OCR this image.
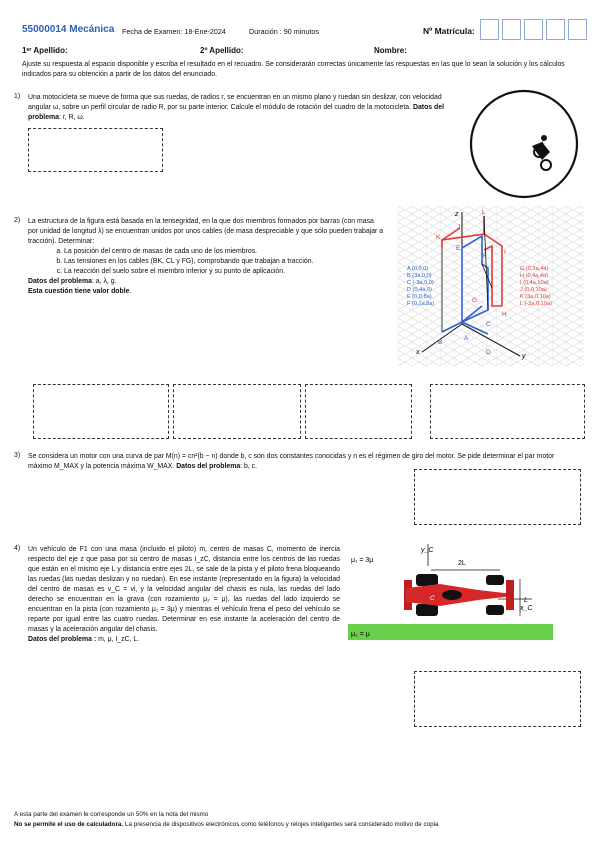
55000014 Mecánica Fecha de Examen: 18-Ene-2024	Duración : 90 minutos	Nº Matrícula:
1ᵉʳ Apellido:	2º Apellido:	Nombre:
Ajuste su respuesta al espacio disponible y escriba el resultado en el recuadro. Se considerarán correctas únicamente las respuestas en las que lo sean la solución y los cálculos indicados para su obtención a partir de los datos del enunciado.
1) Una motocicleta se mueve de forma que sus ruedas, de radios r, se encuentran en un mismo plano y ruedan sin deslizar, con velocidad angular ω, sobre un perfil circular de radio R, por su parte interior. Calcule el módulo de rotación del cuadro de la motocicleta. Datos del problema: r, R, ω.
L
2) La estructura de la figura está basada en la tensegridad, en la que dos miembros formados por barras (con masa por unidad de longitud λ) se encuentran unidos por unos cables (de masa despreciable y que sólo pueden trabajar a tracción). Determinar:
a. La posición del centro de masas de cada uno de los miembros.
b. Las tensiones en los cables (BK, CL y FG), comprobando que trabajan a tracción.
c. La reacción del suelo sobre el miembro inferior y su punto de aplicación.
Datos del problema: a, λ, g.
Esta cuestión tiene valor doble.
z
x
y
K
L
J
I
G
H
E
F
C
A
D
B
A (0,0,0)
B (3a,0,0)
C (-3a,0,0)
D (0,4a,0)
E (0,0,8a)
F (0,2a,8a)
G (0,2a,4a)
H (0,4a,4a)
I (0,4a,10a)
J (0,0,10a)
K (3a,0,10a)
L (-3a,0,10a)
3) Se considera un motor con una curva de par M(n) = cn²(b − n) donde b, c son dos constantes conocidas y n es el régimen de giro del motor. Se pide determinar el par motor máximo M_MAX y la potencia máxima W_MAX. Datos del problema: b, c.
4) Un vehículo de F1 con una masa (incluido el piloto) m, centro de masas C, momento de inercia respecto del eje z que pasa por su centro de masas I_zC, distancia entre los centros de las ruedas que están en el mismo eje L y distancia entre ejes 2L, se sale de la pista y el piloto frena bloqueando las ruedas (las ruedas deslizan y no ruedan). En ese instante (representado en la figura) la velocidad del centro de masas es v_C = vi, y la velocidad angular del chasis es nula, las ruedas del lado derecho se encuentran en la grava (con rozamiento μ₂ = μ), las ruedas del lado izquierdo se encuentran en la pista (con rozamiento μ₁ = 3μ) y mientras el vehículo frena el peso del vehículo se reparte por igual entre las cuatro ruedas. Determinar en ese instante la aceleración del centro de masas y la aceleración angular del chasis.
Datos del problema : m, μ, I_zC, L.
μ₁ = 3μ
μ₂ = μ
y_C
2L
L
x_C
C
A esta parte del examen le corresponde un 50% en la nota del mismo
No se permite el uso de calculadora. La presencia de dispositivos electrónicos como teléfonos y relojes inteligentes será considerado motivo de copia
